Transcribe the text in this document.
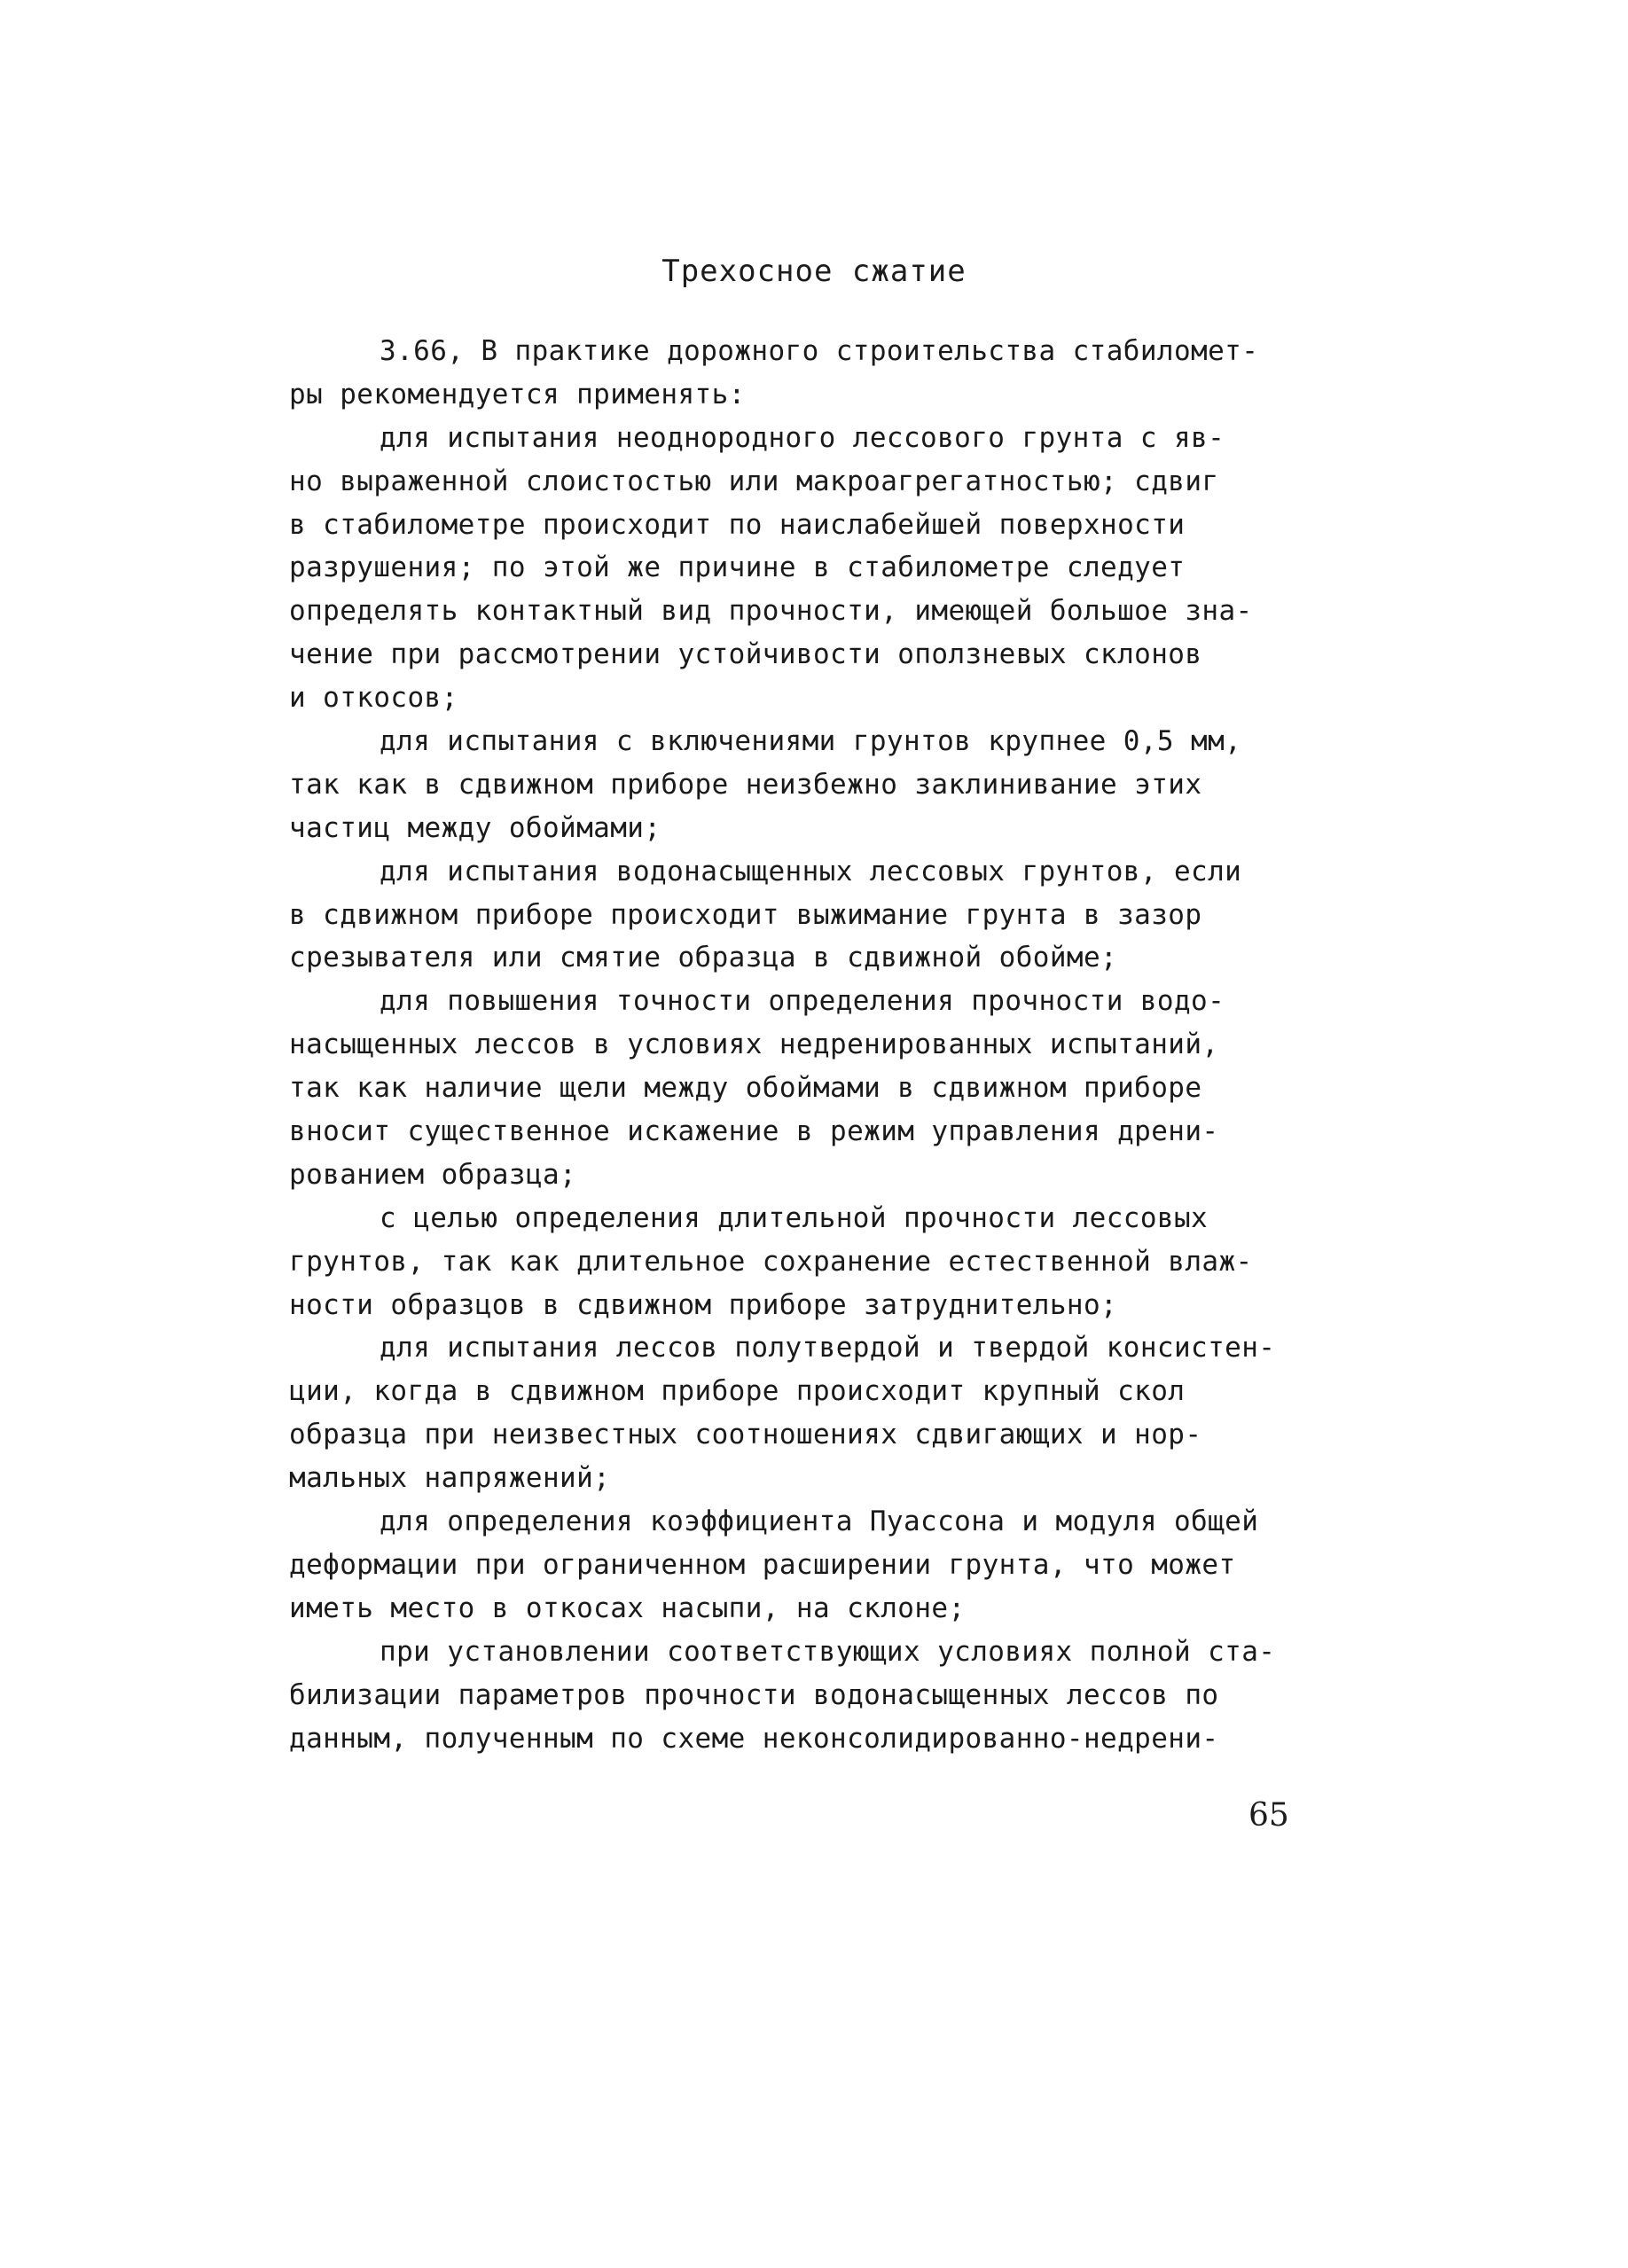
Трехосное сжатие
3.66, В практике дорожного строительства стабиломет-
ры рекомендуется применять:
для испытания неоднородного лессового грунта с яв-
но выраженной слоистостью или макроагрегатностью; сдвиг
в стабилометре происходит по наислабейшей поверхности
разрушения; по этой же причине в стабилометре следует
определять контактный вид прочности, имеющей большое зна-
чение при рассмотрении устойчивости оползневых склонов
и откосов;
для испытания с включениями грунтов крупнее 0,5 мм,
так как в сдвижном приборе неизбежно заклинивание этих
частиц между обоймами;
для испытания водонасыщенных лессовых грунтов, если
в сдвижном приборе происходит выжимание грунта в зазор
срезывателя или смятие образца в сдвижной обойме;
для повышения точности определения прочности водо-
насыщенных лессов в условиях недренированных испытаний,
так как наличие щели между обоймами в сдвижном приборе
вносит существенное искажение в режим управления дрени-
рованием образца;
с целью определения длительной прочности лессовых
грунтов, так как длительное сохранение естественной влаж-
ности образцов в сдвижном приборе затруднительно;
для испытания лессов полутвердой и твердой консистен-
ции, когда в сдвижном приборе происходит крупный скол
образца при неизвестных соотношениях сдвигающих и нор-
мальных напряжений;
для определения коэффициента Пуассона и модуля общей
деформации при ограниченном расширении грунта, что может
иметь место в откосах насыпи, на склоне;
при установлении соответствующих условиях полной ста-
билизации параметров прочности водонасыщенных лессов по
данным, полученным по схеме неконсолидированно-недрени-
65
